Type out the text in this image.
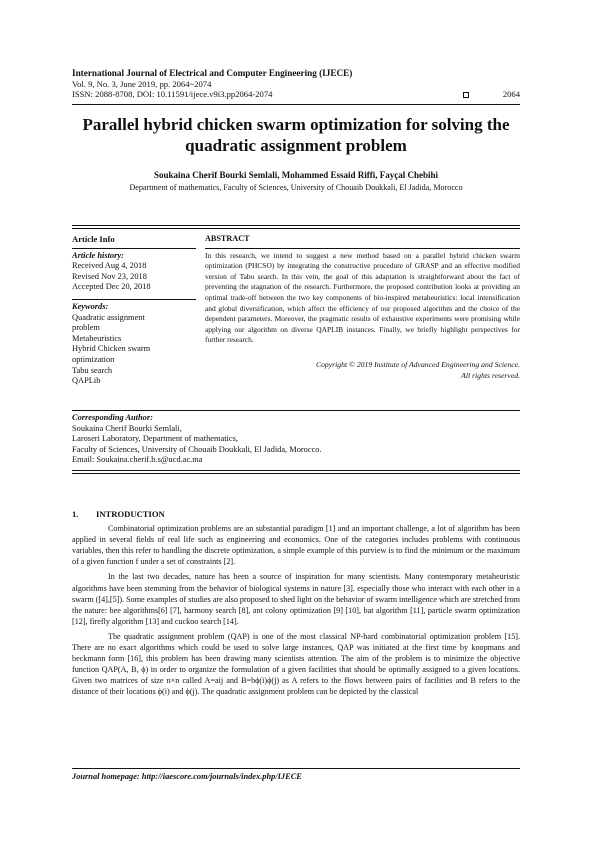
International Journal of Electrical and Computer Engineering (IJECE)
Vol. 9, No. 3, June 2019, pp. 2064~2074
ISSN: 2088-8708, DOI: 10.11591/ijece.v9i3.pp2064-2074	2064
Parallel hybrid chicken swarm optimization for solving the quadratic assignment problem
Soukaina Cherif Bourki Semlali, Mohammed Essaid Riffi, Fayçal Chebihi
Department of mathematics, Faculty of Sciences, University of Chouaib Doukkali, El Jadida, Morocco
Article Info
Article history:
Received Aug 4, 2018
Revised Nov 23, 2018
Accepted Dec 20, 2018
Keywords:
Quadratic assignment
problem
Metaheuristics
Hybrid Chicken swarm
optimization
Tabu search
QAPLib
ABSTRACT
In this research, we intend to suggest a new method based on a parallel hybrid chicken swarm optimization (PHCSO) by integrating the constructive procedure of GRASP and an effective modified version of Tabu search. In this vein, the goal of this adaptation is straightforward about the fact of preventing the stagnation of the research. Furthermore, the proposed contribution looks at providing an optimal trade-off between the two key components of bio-inspired metaheuristics: local intensification and global diversification, which affect the efficiency of our proposed algorithm and the choice of the dependent parameters. Moreover, the pragmatic results of exhaustive experiments were promising while applying our algorithm on diverse QAPLIB instances. Finally, we briefly highlight perspectives for further research.
Copyright © 2019 Institute of Advanced Engineering and Science.
All rights reserved.
Corresponding Author:
Soukaina Cherif Bourki Semlali,
Laroseri Laboratory, Department of mathematics,
Faculty of Sciences, University of Chouaib Doukkali, El Jadida, Morocco.
Email: Soukaina.cherif.b.s@ucd.ac.ma
1. INTRODUCTION

Combinatorial optimization problems are an substantial paradigm [1] and an important challenge, a lot of algorithm has been applied in several fields of real life such as engineering and economics. One of the categories includes problems with continuous variables, then this refer to handling the discrete optimization, a simple example of this purview is to find the minimum or the maximum of a given function f under a set of constraints [2].

In the last two decades, nature has been a source of inspiration for many scientists. Many contemporary metaheuristic algorithms have been stemming from the behavior of biological systems in nature [3]. especially those who interact with each other in a swarm ([4],[5]). Some examples of studies are also proposed to shed light on the behavior of swarm intelligence which are stretched from the nature: bee algorithms[6] [7], harmony search [8], ant colony optimization [9] [10], bat algorithm [11], particle swarm optimization [12], firefly algorithm [13] and cuckoo search [14].

The quadratic assignment problem (QAP) is one of the most classical NP-hard combinatorial optimization problem [15]. There are no exact algorithms which could be used to solve large instances, QAP was initiated at the first time by koopmans and beckmann form [16], this problem has been drawing many scientists attention. The aim of the problem is to minimize the objective function QAP(A, B, ϕ) in order to organize the formulation of a given facilities that should be optimally assigned to a given locations. Given two matrices of size n×n called A=aij and B=bϕ(i)ϕ(j) as A refers to the flows between pairs of facilities and B refers to the distance of their locations ϕ(i) and ϕ(j). The quadratic assignment problem can be depicted by the classical

Journal homepage: http://iaescore.com/journals/index.php/IJECE
